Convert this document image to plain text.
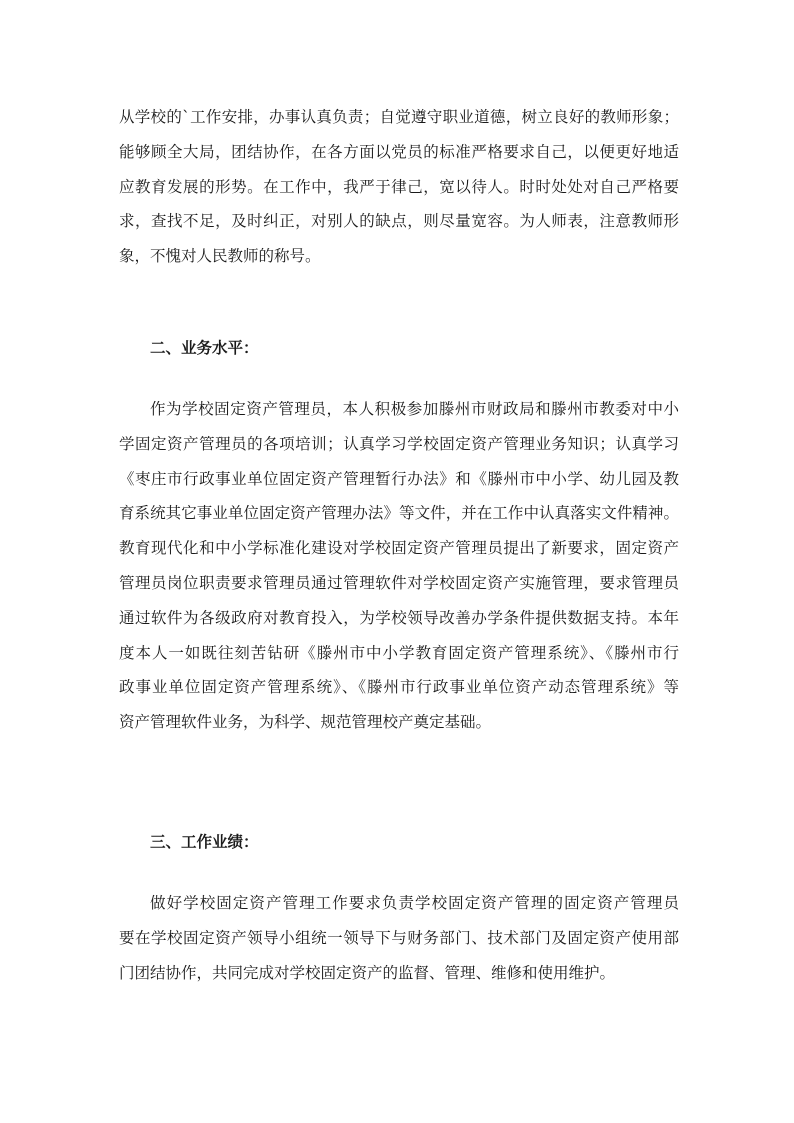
从学校的`工作安排，办事认真负责；自觉遵守职业道德，树立良好的教师形象；
能够顾全大局，团结协作，在各方面以党员的标准严格要求自己，以便更好地适
应教育发展的形势。在工作中，我严于律己，宽以待人。时时处处对自己严格要
求，查找不足，及时纠正，对别人的缺点，则尽量宽容。为人师表，注意教师形
象，不愧对人民教师的称号。
二、业务水平：
作为学校固定资产管理员，本人积极参加滕州市财政局和滕州市教委对中小
学固定资产管理员的各项培训；认真学习学校固定资产管理业务知识；认真学习
《枣庄市行政事业单位固定资产管理暂行办法》和《滕州市中小学、幼儿园及教
育系统其它事业单位固定资产管理办法》等文件，并在工作中认真落实文件精神。
教育现代化和中小学标准化建设对学校固定资产管理员提出了新要求，固定资产
管理员岗位职责要求管理员通过管理软件对学校固定资产实施管理，要求管理员
通过软件为各级政府对教育投入，为学校领导改善办学条件提供数据支持。本年
度本人一如既往刻苦钻研《滕州市中小学教育固定资产管理系统》、《滕州市行
政事业单位固定资产管理系统》、《滕州市行政事业单位资产动态管理系统》等
资产管理软件业务，为科学、规范管理校产奠定基础。
三、工作业绩：
做好学校固定资产管理工作要求负责学校固定资产管理的固定资产管理员
要在学校固定资产领导小组统一领导下与财务部门、技术部门及固定资产使用部
门团结协作，共同完成对学校固定资产的监督、管理、维修和使用维护。
